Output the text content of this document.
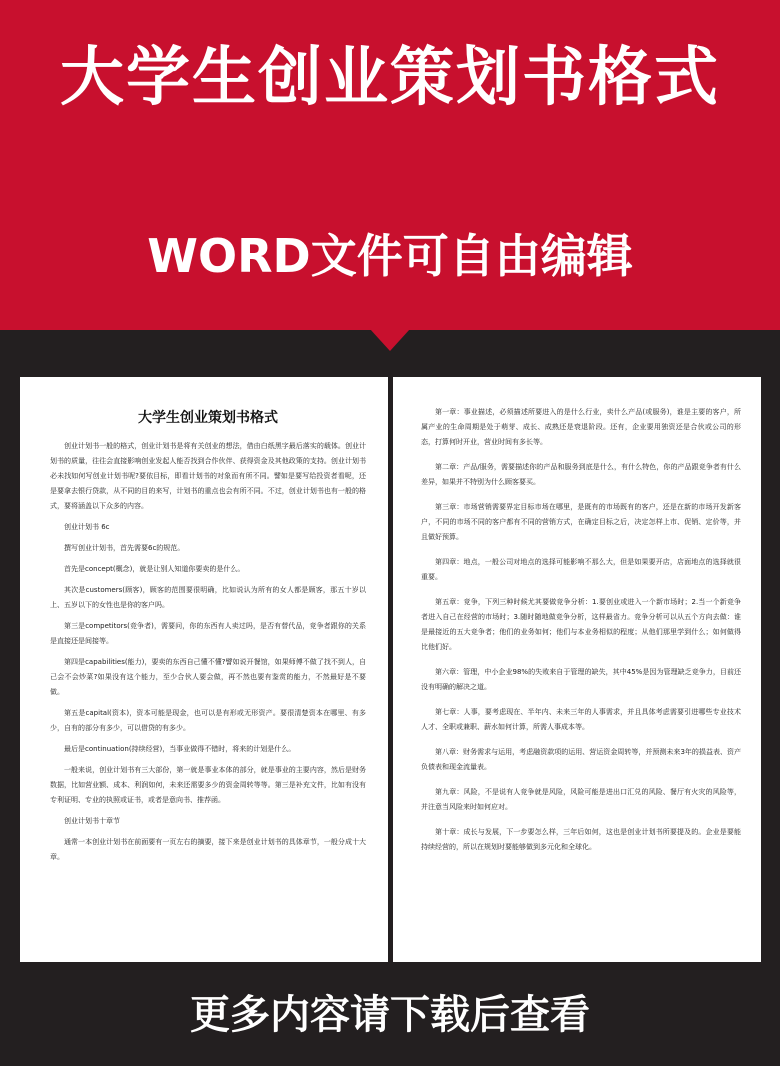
大学生创业策划书格式
WORD文件可自由编辑
大学生创业策划书格式

创业计划书一般的格式，创业计划书是将有关创业的想法，借由白纸黑字最后落实的载体。创业计划书的质量，往往会直接影响创业发起人能否找到合作伙伴、获得资金及其他政策的支持。创业计划书必未找如何写创业计划书呢?要依目标，即看计划书的对象而有所不同。譬如是要写给投资者看呢，还是要拿去银行贷款，从不同的目的来写，计划书的重点也会有所不同。不过，创业计划书也有一般的格式，要将涵盖以下众多的内容。

创业计划书 6c

撰写创业计划书，首先需要6c的规范。

首先是concept(概念)，就是让别人知道你要卖的是什么。

其次是customers(顾客)，顾客的范围要很明确，比如说认为所有的女人都是顾客，那五十岁以上、五岁以下的女性也是你的客户吗。

第三是competitors(竞争者)，需要问，你的东西有人卖过吗，是否有替代品，竞争者跟你的关系是直接还是间接等。

第四是capabilities(能力)，要卖的东西自己懂不懂?譬如说开餐馆，如果师傅不做了找不到人，自己会不会炒菜?如果没有这个能力，至少合伙人要会做，再不然也要有鉴赏的能力，不然最好是不要做。

第五是capital(资本)，资本可能是现金，也可以是有形或无形资产。要很清楚资本在哪里、有多少，自有的部分有多少，可以借贷的有多少。

最后是continuation(持续经营)，当事业做得不错时，将来的计划是什么。

一般来说，创业计划书有三大部份，第一就是事业本体的部分，就是事业的主要内容，然后是财务数据，比如营业额、成本、利润如何，未来还需要多少的资金周转等等。第三是补充文件，比如有没有专利证明、专业的执照或证书，或者是意向书、推荐函。

创业计划书十章节

通常一本创业计划书在前面要有一页左右的摘要，接下来是创业计划书的具体章节，一般分成十大章。

第一章：事业描述，必须描述所要进入的是什么行业，卖什么产品(或服务)，谁是主要的客户，所属产业的生命周期是处于萌芽、成长、成熟还是衰退阶段。还有，企业要用独资还是合伙或公司的形态，打算何时开业，营业时间有多长等。

第二章：产品/服务，需要描述你的产品和服务到底是什么，有什么特色，你的产品跟竞争者有什么差异，如果并不特别为什么顾客要买。

第三章：市场营销需要界定目标市场在哪里，是既有的市场既有的客户，还是在新的市场开发新客户，不同的市场不同的客户都有不同的营销方式，在确定目标之后，决定怎样上市、促销、定价等，并且做好预算。

第四章：地点，一般公司对地点的选择可能影响不那么大，但是如果要开店，店面地点的选择就很重要。

第五章：竞争，下列三种时候尤其要做竞争分析：1.要创业或进入一个新市场时；2.当一个新竞争者进入自己在经营的市场时；3.随时随地做竞争分析，这样最省力。竞争分析可以从五个方向去做：谁是最接近的五大竞争者；他们的业务如何；他们与本业务相似的程度；从他们那里学到什么；如何做得比他们好。

第六章：管理，中小企业98%的失败来自于管理的缺失，其中45%是因为管理缺乏竞争力，目前还没有明确的解决之道。

第七章：人事，要考虑现在、半年内、未来三年的人事需求，并且具体考虑需要引进哪些专业技术人才、全职或兼职、薪水如何计算，所需人事成本等。

第八章：财务需求与运用，考虑融资款项的运用、营运资金周转等，并预测未来3年的损益表、资产负债表和现金流量表。

第九章：风险，不是说有人竞争就是风险，风险可能是进出口汇兑的风险、餐厅有火灾的风险等，并注意当风险来时如何应对。

第十章：成长与发展，下一步要怎么样，三年后如何，这也是创业计划书所要提及的。企业是要能持续经营的，所以在规划时要能够做到多元化和全球化。

更多内容请下载后查看
